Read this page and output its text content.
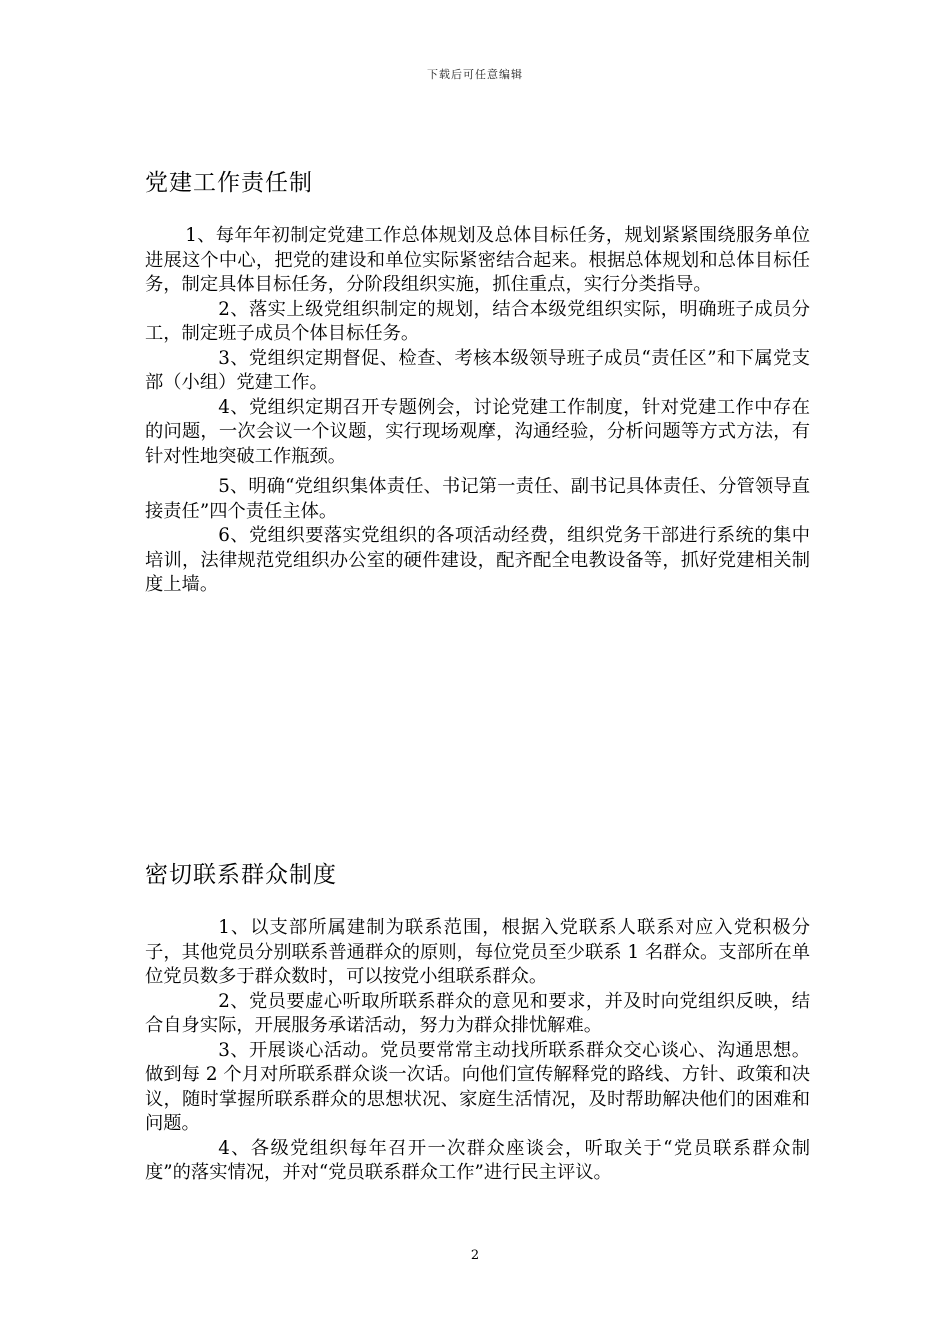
下载后可任意编辑
党建工作责任制

1、每年年初制定党建工作总体规划及总体目标任务，规划紧紧围绕服务单位进展这个中心，把党的建设和单位实际紧密结合起来。根据总体规划和总体目标任务，制定具体目标任务，分阶段组织实施，抓住重点，实行分类指导。

2、落实上级党组织制定的规划，结合本级党组织实际，明确班子成员分工，制定班子成员个体目标任务。

3、党组织定期督促、检查、考核本级领导班子成员“责任区”和下属党支部（小组）党建工作。

4、党组织定期召开专题例会，讨论党建工作制度，针对党建工作中存在的问题，一次会议一个议题，实行现场观摩，沟通经验，分析问题等方式方法，有针对性地突破工作瓶颈。

5、明确“党组织集体责任、书记第一责任、副书记具体责任、分管领导直接责任”四个责任主体。

6、党组织要落实党组织的各项活动经费，组织党务干部进行系统的集中培训，法律规范党组织办公室的硬件建设，配齐配全电教设备等，抓好党建相关制度上墙。

密切联系群众制度

1、以支部所属建制为联系范围，根据入党联系人联系对应入党积极分子，其他党员分别联系普通群众的原则，每位党员至少联系 1 名群众。支部所在单位党员数多于群众数时，可以按党小组联系群众。

2、党员要虚心听取所联系群众的意见和要求，并及时向党组织反映，结合自身实际，开展服务承诺活动，努力为群众排忧解难。

3、开展谈心活动。党员要常常主动找所联系群众交心谈心、沟通思想。做到每 2 个月对所联系群众谈一次话。向他们宣传解释党的路线、方针、政策和决议，随时掌握所联系群众的思想状况、家庭生活情况，及时帮助解决他们的困难和问题。

4、各级党组织每年召开一次群众座谈会，听取关于“党员联系群众制度”的落实情况，并对“党员联系群众工作”进行民主评议。

2
